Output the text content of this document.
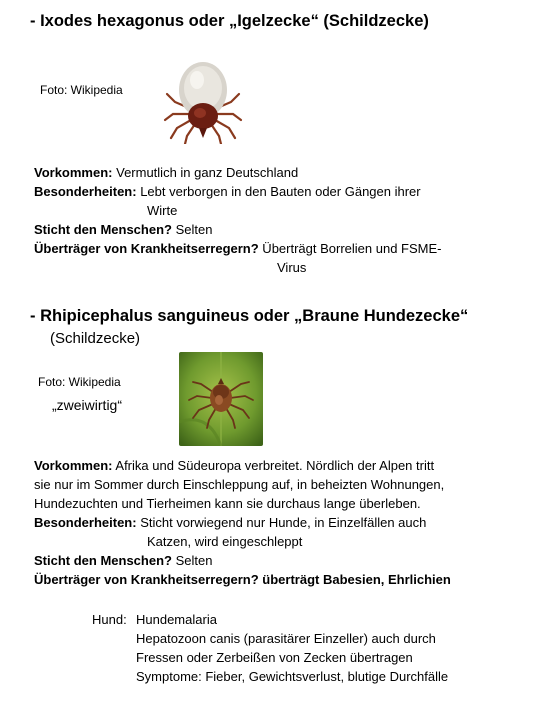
- Ixodes hexagonus oder „Igelzecke“ (Schildzecke)
Foto: Wikipedia
Vorkommen: Vermutlich in ganz Deutschland
Besonderheiten: Lebt verborgen in den Bauten oder Gängen ihrer
Wirte
Sticht den Menschen? Selten
Überträger von Krankheitserregern? Überträgt Borrelien und FSME-
Virus
- Rhipicephalus sanguineus oder „Braune Hundezecke“
(Schildzecke)
Foto: Wikipedia
„zweiwirtig“
Vorkommen: Afrika und Südeuropa verbreitet. Nördlich der Alpen tritt
sie nur im Sommer durch Einschleppung auf, in beheizten Wohnungen,
Hundezuchten und Tierheimen kann sie durchaus lange überleben.
Besonderheiten: Sticht vorwiegend nur Hunde, in Einzelfällen auch
Katzen, wird eingeschleppt
Sticht den Menschen? Selten
Überträger von Krankheitserregern? überträgt Babesien, Ehrlichien
Hund: Hundemalaria
Hepatozoon canis (parasitärer Einzeller) auch durch
Fressen oder Zerbeißen von Zecken übertragen
Symptome: Fieber, Gewichtsverlust, blutige Durchfälle
